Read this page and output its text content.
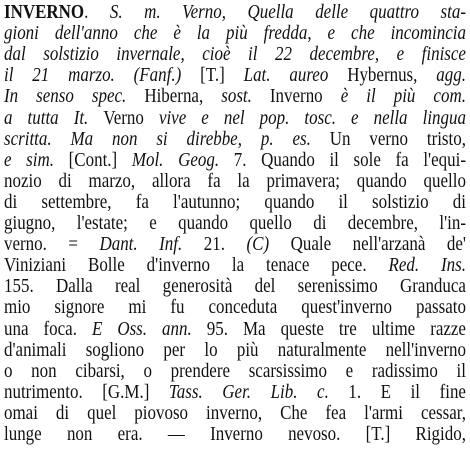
INVERNO. S. m. Verno, Quella delle quattro sta-
gioni dell'anno che è la più fredda, e che incomincia
dal solstizio invernale, cioè il 22 decembre, e finisce
il 21 marzo. (Fanf.) [T.] Lat. aureo Hybernus, agg.
In senso spec. Hiberna, sost. Inverno è il più com.
a tutta It. Verno vive e nel pop. tosc. e nella lingua
scritta. Ma non si direbbe, p. es. Un verno tristo,
e sim. [Cont.] Mol. Geog. 7. Quando il sole fa l'equi-
nozio di marzo, allora fa la primavera; quando quello
di settembre, fa l'autunno; quando il solstizio di
giugno, l'estate; e quando quello di decembre, l'in-
verno. = Dant. Inf. 21. (C) Quale nell'arzanà de'
Viniziani Bolle d'inverno la tenace pece. Red. Ins.
155. Dalla real generosità del serenissimo Granduca
mio signore mi fu conceduta quest'inverno passato
una foca. E Oss. ann. 95. Ma queste tre ultime razze
d'animali sogliono per lo più naturalmente nell'inverno
o non cibarsi, o prendere scarsissimo e radissimo il
nutrimento. [G.M.] Tass. Ger. Lib. c. 1. E il fine
omai di quel piovoso inverno, Che fea l'armi cessar,
lunge non era. — Inverno nevoso. [T.] Rigido,
